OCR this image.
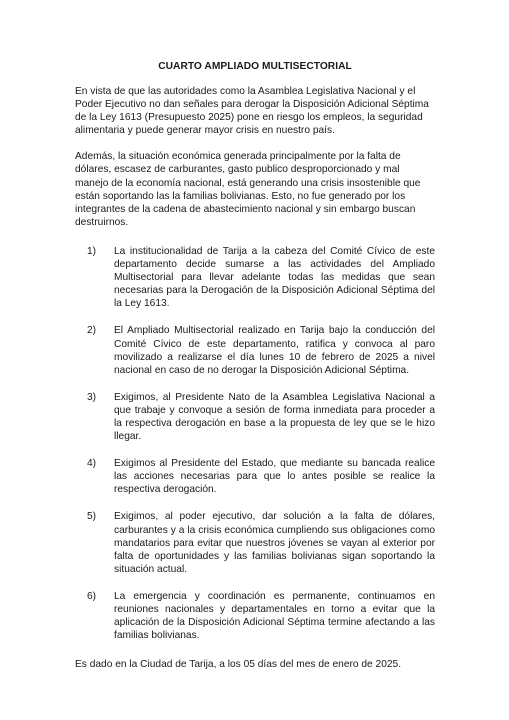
CUARTO AMPLIADO MULTISECTORIAL

En vista de que las autoridades como la Asamblea Legislativa Nacional y el Poder Ejecutivo no dan señales para derogar la Disposición Adicional Séptima de la Ley 1613 (Presupuesto 2025) pone en riesgo los empleos, la seguridad alimentaria y puede generar mayor crisis en nuestro país.

Además, la situación económica generada principalmente por la falta de dólares, escasez de carburantes, gasto publico desproporcionado y mal manejo de la economía nacional, está generando una crisis insostenible que están soportando las la familias bolivianas. Esto, no fue generado por los integrantes de la cadena de abastecimiento nacional y sin embargo buscan destruirnos.

1)	La institucionalidad de Tarija a la cabeza del Comité Cívico de este departamento decide sumarse a las actividades del Ampliado Multisectorial para llevar adelante todas las medidas que sean necesarias para la Derogación de la Disposición Adicional Séptima del la Ley 1613.
2)	El Ampliado Multisectorial realizado en Tarija bajo la conducción del Comité Cívico de este departamento, ratifica y convoca al paro movilizado a realizarse el día lunes 10 de febrero de 2025 a nivel nacional en caso de no derogar la Disposición Adicional Séptima.
3)	Exigimos, al Presidente Nato de la Asamblea Legislativa Nacional a que trabaje y convoque a sesión de forma inmediata para proceder a la respectiva derogación en base a la propuesta de ley que se le hizo llegar.
4)	Exigimos al Presidente del Estado, que mediante su bancada realice las acciones necesarias para que lo antes posible se realice la respectiva derogación.
5)	Exigimos, al poder ejecutivo, dar solución a la falta de dólares, carburantes y a la crisis económica cumpliendo sus obligaciones como mandatarios para evitar que nuestros jóvenes se vayan al exterior por falta de oportunidades y las familias bolivianas sigan soportando la situación actual.
6)	La emergencia y coordinación es permanente, continuamos en reuniones nacionales y departamentales en torno a evitar que la aplicación de la Disposición Adicional Séptima termine afectando a las familias bolivianas.

Es dado en la Ciudad de Tarija, a los 05 días del mes de enero de 2025.
